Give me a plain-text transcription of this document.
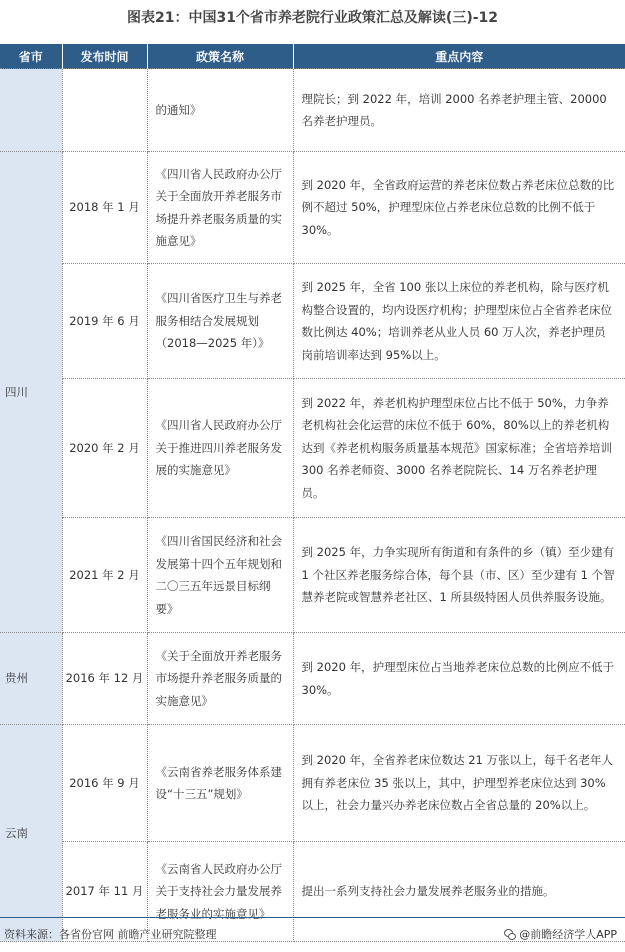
图表21：中国31个省市养老院行业政策汇总及解读(三)-12
省市	发布时间	政策名称	重点内容
		的通知》	理院长；到 2022 年，培训 2000 名养老护理主管、20000 名养老护理员。
四川	2018 年 1 月	《四川省人民政府办公厅关于全面放开养老服务市场提升养老服务质量的实施意见》	到 2020 年，全省政府运营的养老床位数占养老床位总数的比例不超过 50%，护理型床位占养老床位总数的比例不低于 30%。
	2019 年 6 月	《四川省医疗卫生与养老服务相结合发展规划（2018—2025 年）》	到 2025 年，全省 100 张以上床位的养老机构，除与医疗机构整合设置的，均内设医疗机构；护理型床位占全省养老床位数比例达 40%；培训养老从业人员 60 万人次，养老护理员岗前培训率达到 95%以上。
	2020 年 2 月	《四川省人民政府办公厅关于推进四川养老服务发展的实施意见》	到 2022 年，养老机构护理型床位占比不低于 50%，力争养老机构社会化运营的床位不低于 60%，80%以上的养老机构达到《养老机构服务质量基本规范》国家标准；全省培养培训 300 名养老师资、3000 名养老院院长、14 万名养老护理员。
	2021 年 2 月	《四川省国民经济和社会发展第十四个五年规划和二〇三五年远景目标纲要》	到 2025 年，力争实现所有街道和有条件的乡（镇）至少建有 1 个社区养老服务综合体，每个县（市、区）至少建有 1 个智慧养老院或智慧养老社区、1 所县级特困人员供养服务设施。
贵州	2016 年 12 月	《关于全面放开养老服务市场提升养老服务质量的实施意见》	到 2020 年，护理型床位占当地养老床位总数的比例应不低于 30%。
云南	2016 年 9 月	《云南省养老服务体系建设“十三五”规划》	到 2020 年，全省养老床位数达 21 万张以上，每千名老年人拥有养老床位 35 张以上，其中，护理型养老床位达到 30%以上，社会力量兴办养老床位数占全省总量的 20%以上。
	2017 年 11 月	《云南省人民政府办公厅关于支持社会力量发展养老服务业的实施意见》	提出一系列支持社会力量发展养老服务业的措施。
资料来源：各省份官网 前瞻产业研究院整理	@前瞻经济学人APP
